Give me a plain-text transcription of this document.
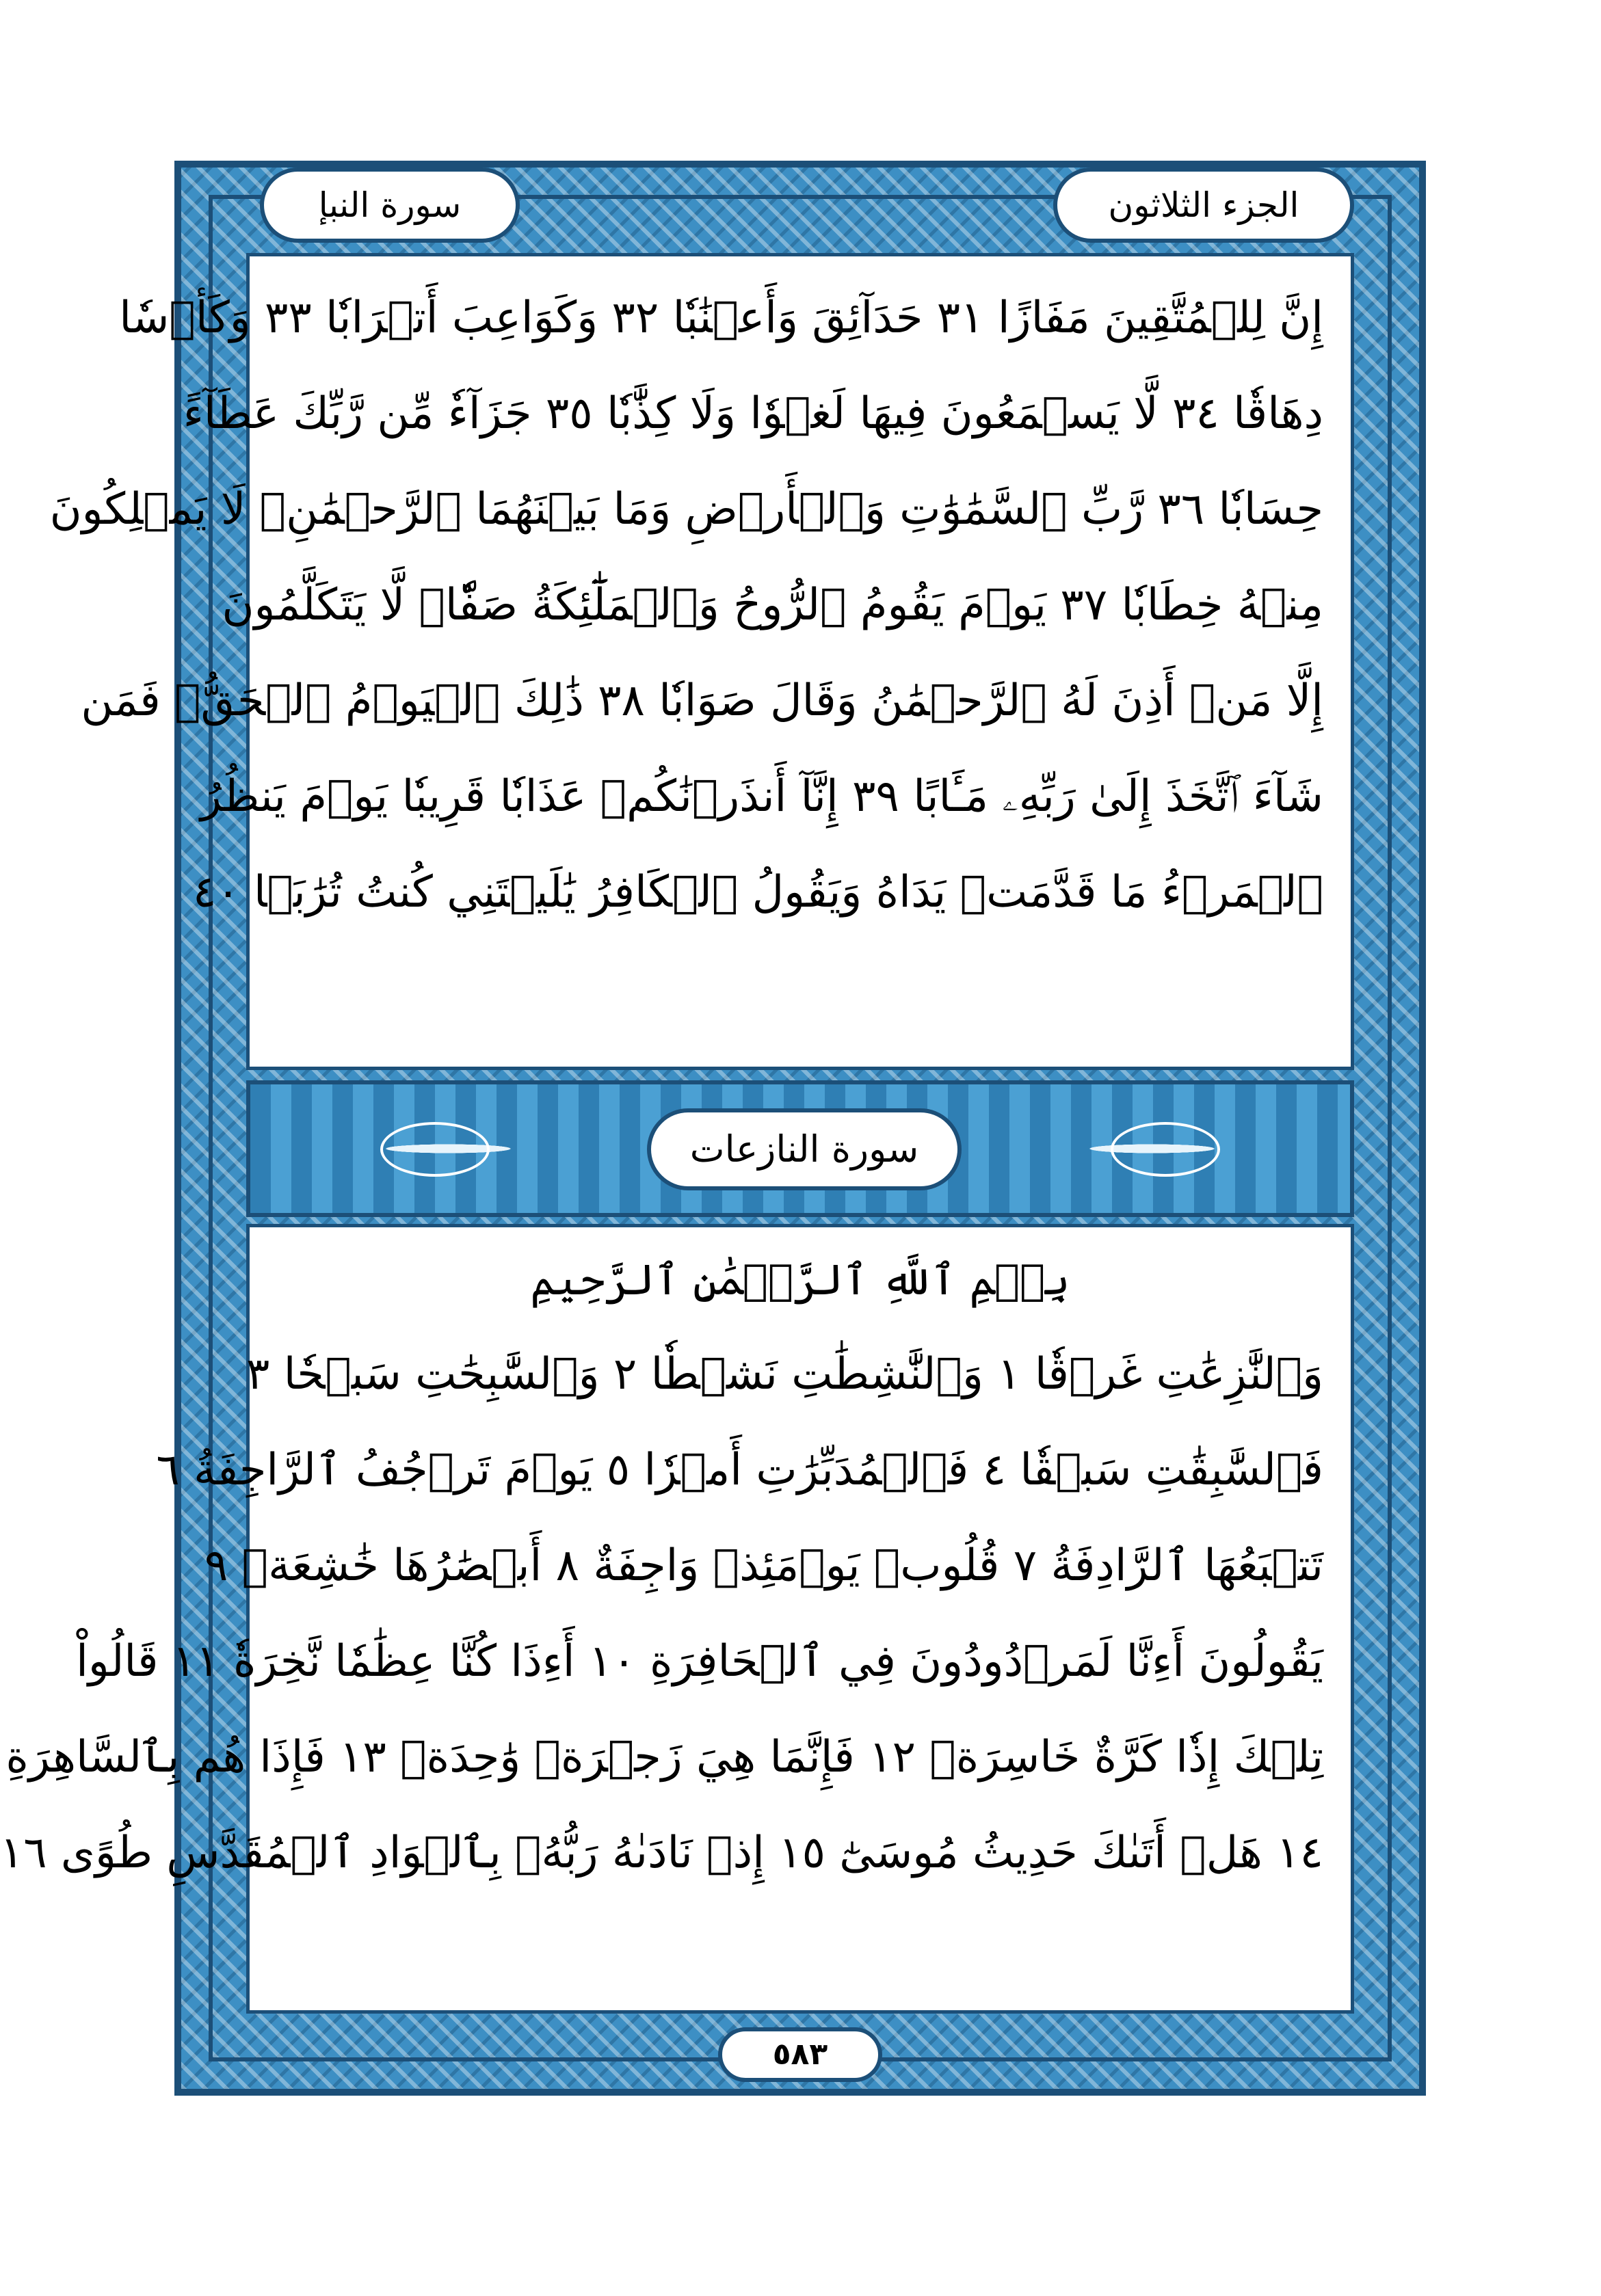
الجزء الثلاثون
سورة النبإ
إِنَّ لِلۡمُتَّقِينَ مَفَازًا ٣١ حَدَآئِقَ وَأَعۡنَٰبٗا ٣٢ وَكَوَاعِبَ أَتۡرَابٗا ٣٣ وَكَأۡسٗا
دِهَاقٗا ٣٤ لَّا يَسۡمَعُونَ فِيهَا لَغۡوٗا وَلَا كِذَّٰبٗا ٣٥ جَزَآءٗ مِّن رَّبِّكَ عَطَآءً
حِسَابٗا ٣٦ رَّبِّ ٱلسَّمَٰوَٰتِ وَٱلۡأَرۡضِ وَمَا بَيۡنَهُمَا ٱلرَّحۡمَٰنِۖ لَا يَمۡلِكُونَ
مِنۡهُ خِطَابٗا ٣٧ يَوۡمَ يَقُومُ ٱلرُّوحُ وَٱلۡمَلَٰٓئِكَةُ صَفّٗاۖ لَّا يَتَكَلَّمُونَ
إِلَّا مَنۡ أَذِنَ لَهُ ٱلرَّحۡمَٰنُ وَقَالَ صَوَابٗا ٣٨ ذَٰلِكَ ٱلۡيَوۡمُ ٱلۡحَقُّۖ فَمَن
شَآءَ ٱتَّخَذَ إِلَىٰ رَبِّهِۦ مَـَٔابًا ٣٩ إِنَّآ أَنذَرۡنَٰكُمۡ عَذَابٗا قَرِيبٗا يَوۡمَ يَنظُرُ
ٱلۡمَرۡءُ مَا قَدَّمَتۡ يَدَاهُ وَيَقُولُ ٱلۡكَافِرُ يَٰلَيۡتَنِي كُنتُ تُرَٰبَۢا ٤٠
سورة النازعات
بِسۡمِ ٱللَّهِ ٱلرَّحۡمَٰنِ ٱلرَّحِيمِ
وَٱلنَّٰزِعَٰتِ غَرۡقٗا ١ وَٱلنَّٰشِطَٰتِ نَشۡطٗا ٢ وَٱلسَّٰبِحَٰتِ سَبۡحٗا ٣
فَٱلسَّٰبِقَٰتِ سَبۡقٗا ٤ فَٱلۡمُدَبِّرَٰتِ أَمۡرٗا ٥ يَوۡمَ تَرۡجُفُ ٱلرَّاجِفَةُ ٦
تَتۡبَعُهَا ٱلرَّادِفَةُ ٧ قُلُوبٞ يَوۡمَئِذٖ وَاجِفَةٌ ٨ أَبۡصَٰرُهَا خَٰشِعَةٞ ٩
يَقُولُونَ أَءِنَّا لَمَرۡدُودُونَ فِي ٱلۡحَافِرَةِ ١٠ أَءِذَا كُنَّا عِظَٰمٗا نَّخِرَةٗ ١١ قَالُواْ
تِلۡكَ إِذٗا كَرَّةٌ خَاسِرَةٞ ١٢ فَإِنَّمَا هِيَ زَجۡرَةٞ وَٰحِدَةٞ ١٣ فَإِذَا هُم بِٱلسَّاهِرَةِ
١٤ هَلۡ أَتَىٰكَ حَدِيثُ مُوسَىٰٓ ١٥ إِذۡ نَادَىٰهُ رَبُّهُۥ بِٱلۡوَادِ ٱلۡمُقَدَّسِ طُوًى ١٦
٥٨٣
